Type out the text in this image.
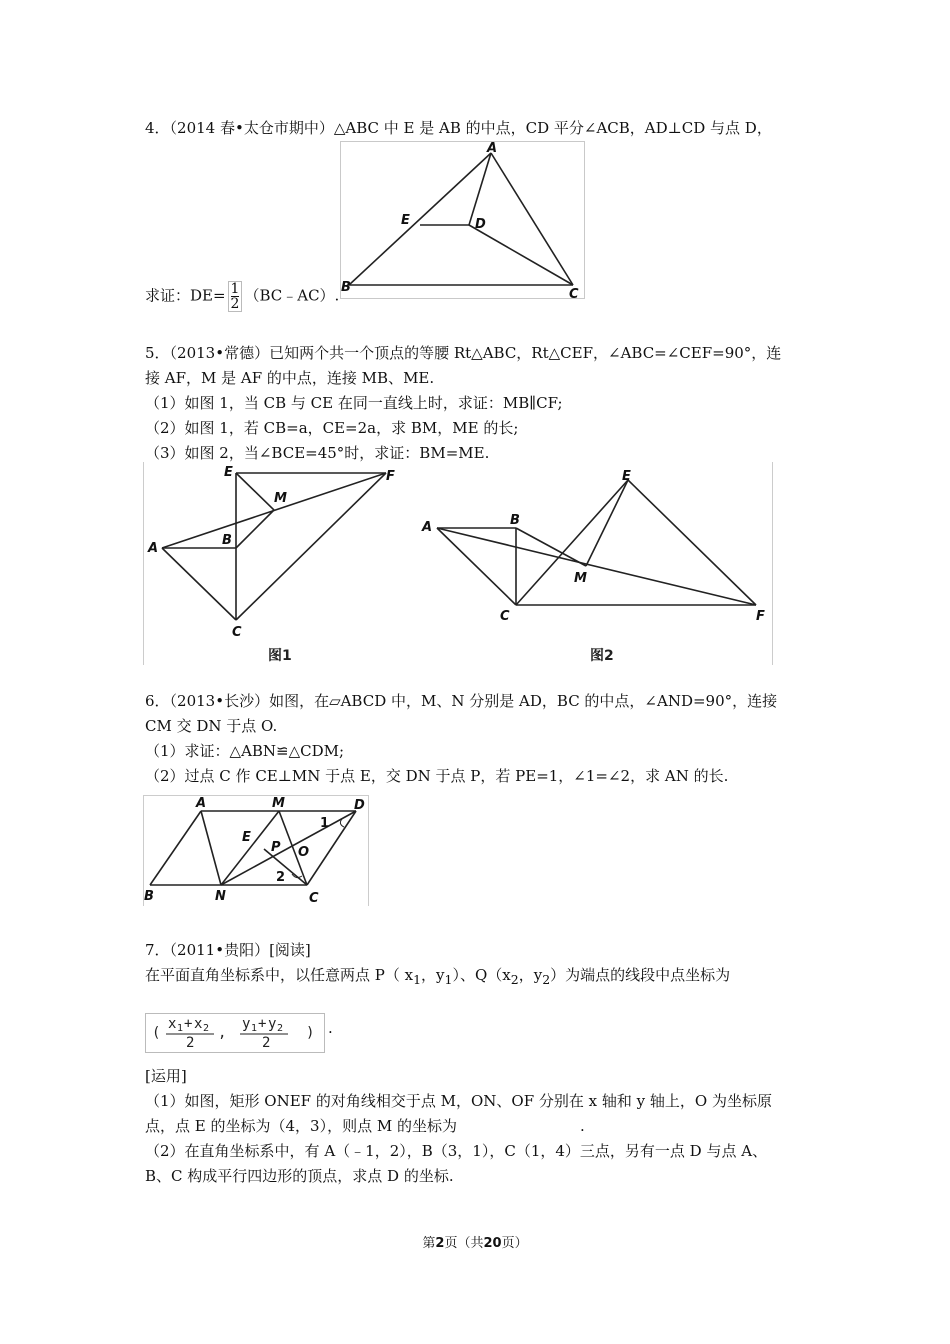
4．（2014 春•太仓市期中）△ABC 中 E 是 AB 的中点，CD 平分∠ACB，AD⊥CD 与点 D，
A
B	C
D
E
求证：$DE= \frac{1}{2}$ （BC﹣AC）.
5．（2013•常德）已知两个共一个顶点的等腰 Rt△ABC，Rt△CEF，∠ABC=∠CEF=90°，连
接 AF，M 是 AF 的中点，连接 MB、ME.
（1）如图 1，当 CB 与 CE 在同一直线上时，求证：MB∥CF;
（2）如图 1，若 CB=a，CE=2a，求 BM，ME 的长;
（3）如图 2，当∠BCE=45°时，求证：BM=ME.
E	F
M
A
B
C
E
A	B
M
C	F
图1	图2
6．（2013•长沙）如图，在▱ABCD 中，M、N 分别是 AD，BC 的中点，∠AND=90°，连接
CM 交 DN 于点 O.
（1）求证：△ABN≌△CDM;
（2）过点 C 作 CE⊥MN 于点 E，交 DN 于点 P，若 PE=1，∠1=∠2，求 AN 的长.
A	M	D
E
P O
B	N	C
1
2
7．（2011•贵阳）[阅读]
在平面直角坐标系中，以任意两点 P（ $x_1$，$y_1$）、$Q(x_2$，$y_2$）为端点的线段中点坐标为
(
x 1 + x 2
2
,
y 1 + y 2
2
) .
[运用]
（1）如图，矩形 ONEF 的对角线相交于点 M，ON、OF 分别在 x 轴和 y 轴上，O 为坐标原
点，点 E 的坐标为（4，3），则点 M 的坐标为	.
（2）在直角坐标系中，有 A（﹣1，2），B（3，1），C（1，4）三点，另有一点 D 与点 A、
B、C 构成平行四边形的顶点，求点 D 的坐标.
第2页（共20页）
